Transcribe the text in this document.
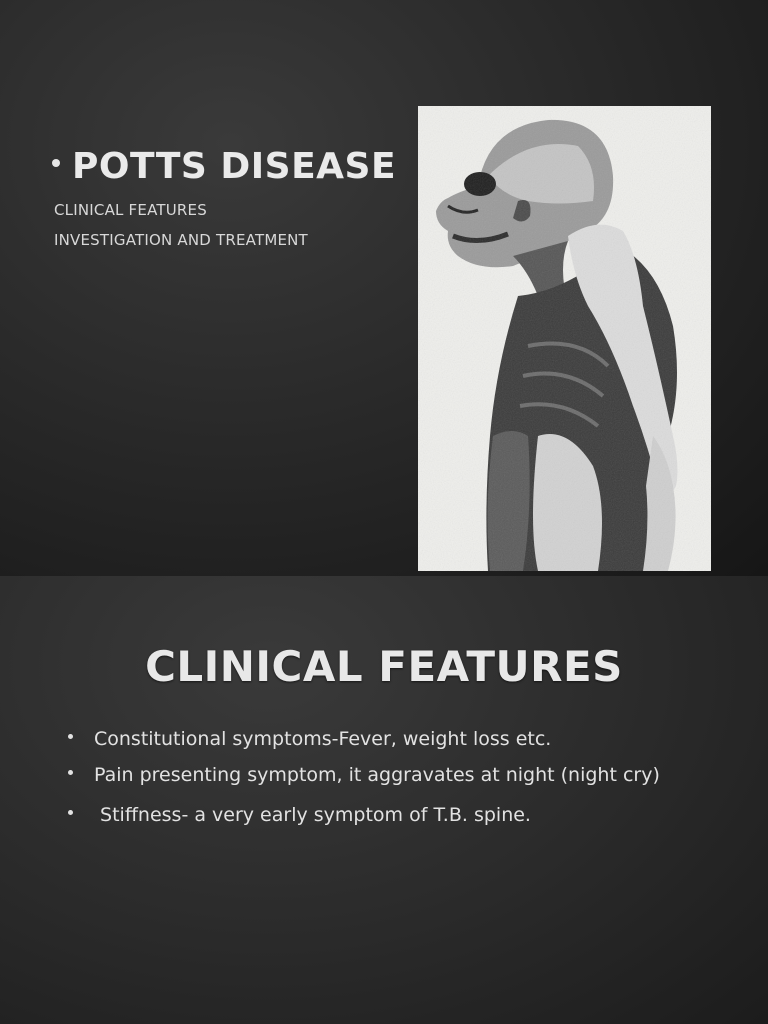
POTTS DISEASE
CLINICAL FEATURES
INVESTIGATION AND TREATMENT
CLINICAL FEATURES
Constitutional symptoms-Fever, weight loss etc.
Pain presenting symptom, it aggravates at night (night cry)
Stiffness- a very early symptom of T.B. spine.
